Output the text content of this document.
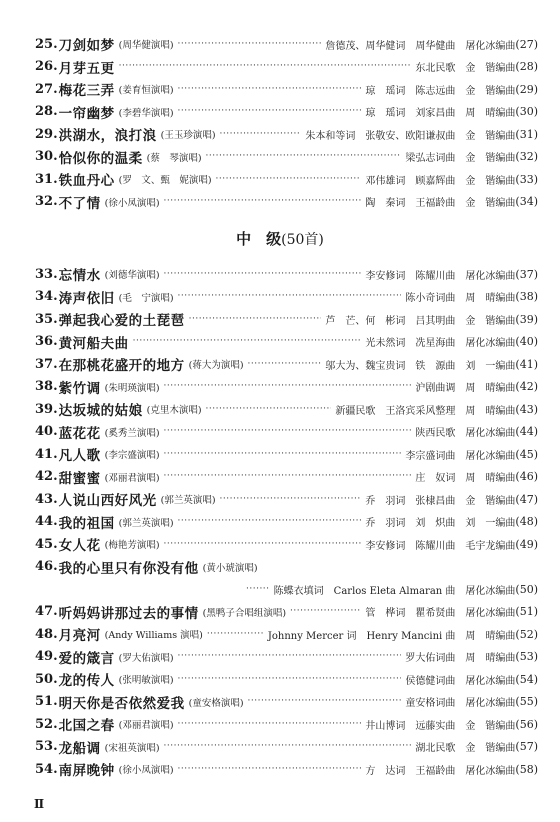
25. 刀剑如梦 (周华健演唱) ·····	詹德茂、周华健词　周华健曲　屠化冰编曲 (27)
26. 月芽五更 ·····	东北民歌　金　锴编曲 (28)
27. 梅花三弄 (姜育恒演唱) ·····	琼　瑶词　陈志远曲　金　锴编曲 (29)
28. 一帘幽梦 (李碧华演唱) ·····	琼　瑶词　刘家昌曲　周　晴编曲 (30)
29. 洪湖水，浪打浪 (王玉珍演唱) ·····	朱本和等词　张敬安、欧阳谦叔曲　金　锴编曲 (31)
30. 恰似你的温柔 (蔡　琴演唱) ·····	梁弘志词曲　金　锴编曲 (32)
31. 铁血丹心 (罗　文、甄　妮演唱) ·····	邓伟雄词　顾嘉辉曲　金　锴编曲 (33)
32. 不了情 (徐小凤演唱) ·····	陶　秦词　王福龄曲　金　锴编曲 (34)
中　级(50首)
33. 忘情水 (刘德华演唱) ·····	李安修词　陈耀川曲　屠化冰编曲 (37)
34. 涛声依旧 (毛　宁演唱) ·····	陈小奇词曲　周　晴编曲 (38)
35. 弹起我心爱的土琵琶 ·····	芦　芒、何　彬词　吕其明曲　金　锴编曲 (39)
36. 黄河船夫曲 ·····	光未然词　冼星海曲　屠化冰编曲 (40)
37. 在那桃花盛开的地方 (蒋大为演唱) ·····	邬大为、魏宝贵词　铁　源曲　刘　一编曲 (41)
38. 紫竹调 (朱明瑛演唱) ·····	沪剧曲调　周　晴编曲 (42)
39. 达坂城的姑娘 (克里木演唱) ·····	新疆民歌　王洛宾采风整理　周　晴编曲 (43)
40. 蓝花花 (奚秀兰演唱) ·····	陕西民歌　屠化冰编曲 (44)
41. 凡人歌 (李宗盛演唱) ·····	李宗盛词曲　屠化冰编曲 (45)
42. 甜蜜蜜 (邓丽君演唱) ·····	庄　奴词　周　晴编曲 (46)
43. 人说山西好风光 (郭兰英演唱) ·····	乔　羽词　张棣昌曲　金　锴编曲 (47)
44. 我的祖国 (郭兰英演唱) ·····	乔　羽词　刘　炽曲　刘　一编曲 (48)
45. 女人花 (梅艳芳演唱) ·····	李安修词　陈耀川曲　毛宇龙编曲 (49)
46. 我的心里只有你没有他 (黄小琥演唱)
·····
陈蝶衣填词　Carlos Eleta Almaran 曲　屠化冰编曲 (50)
47. 听妈妈讲那过去的事情 (黑鸭子合唱组演唱) ·····	管　桦词　瞿希贤曲　屠化冰编曲 (51)
48. 月亮河 (Andy Williams 演唱) ·····	Johnny Mercer 词　Henry Mancini 曲　周　晴编曲 (52)
49. 爱的箴言 (罗大佑演唱) ·····	罗大佑词曲　周　晴编曲 (53)
50. 龙的传人 (张明敏演唱) ·····	侯德健词曲　屠化冰编曲 (54)
51. 明天你是否依然爱我 (童安格演唱) ·····	童安格词曲　屠化冰编曲 (55)
52. 北国之春 (邓丽君演唱) ·····	井山博词　远藤实曲　金　锴编曲 (56)
53. 龙船调 (宋祖英演唱) ·····	湖北民歌　金　锴编曲 (57)
54. 南屏晚钟 (徐小凤演唱) ·····	方　达词　王福龄曲　屠化冰编曲 (58)
Ⅱ
